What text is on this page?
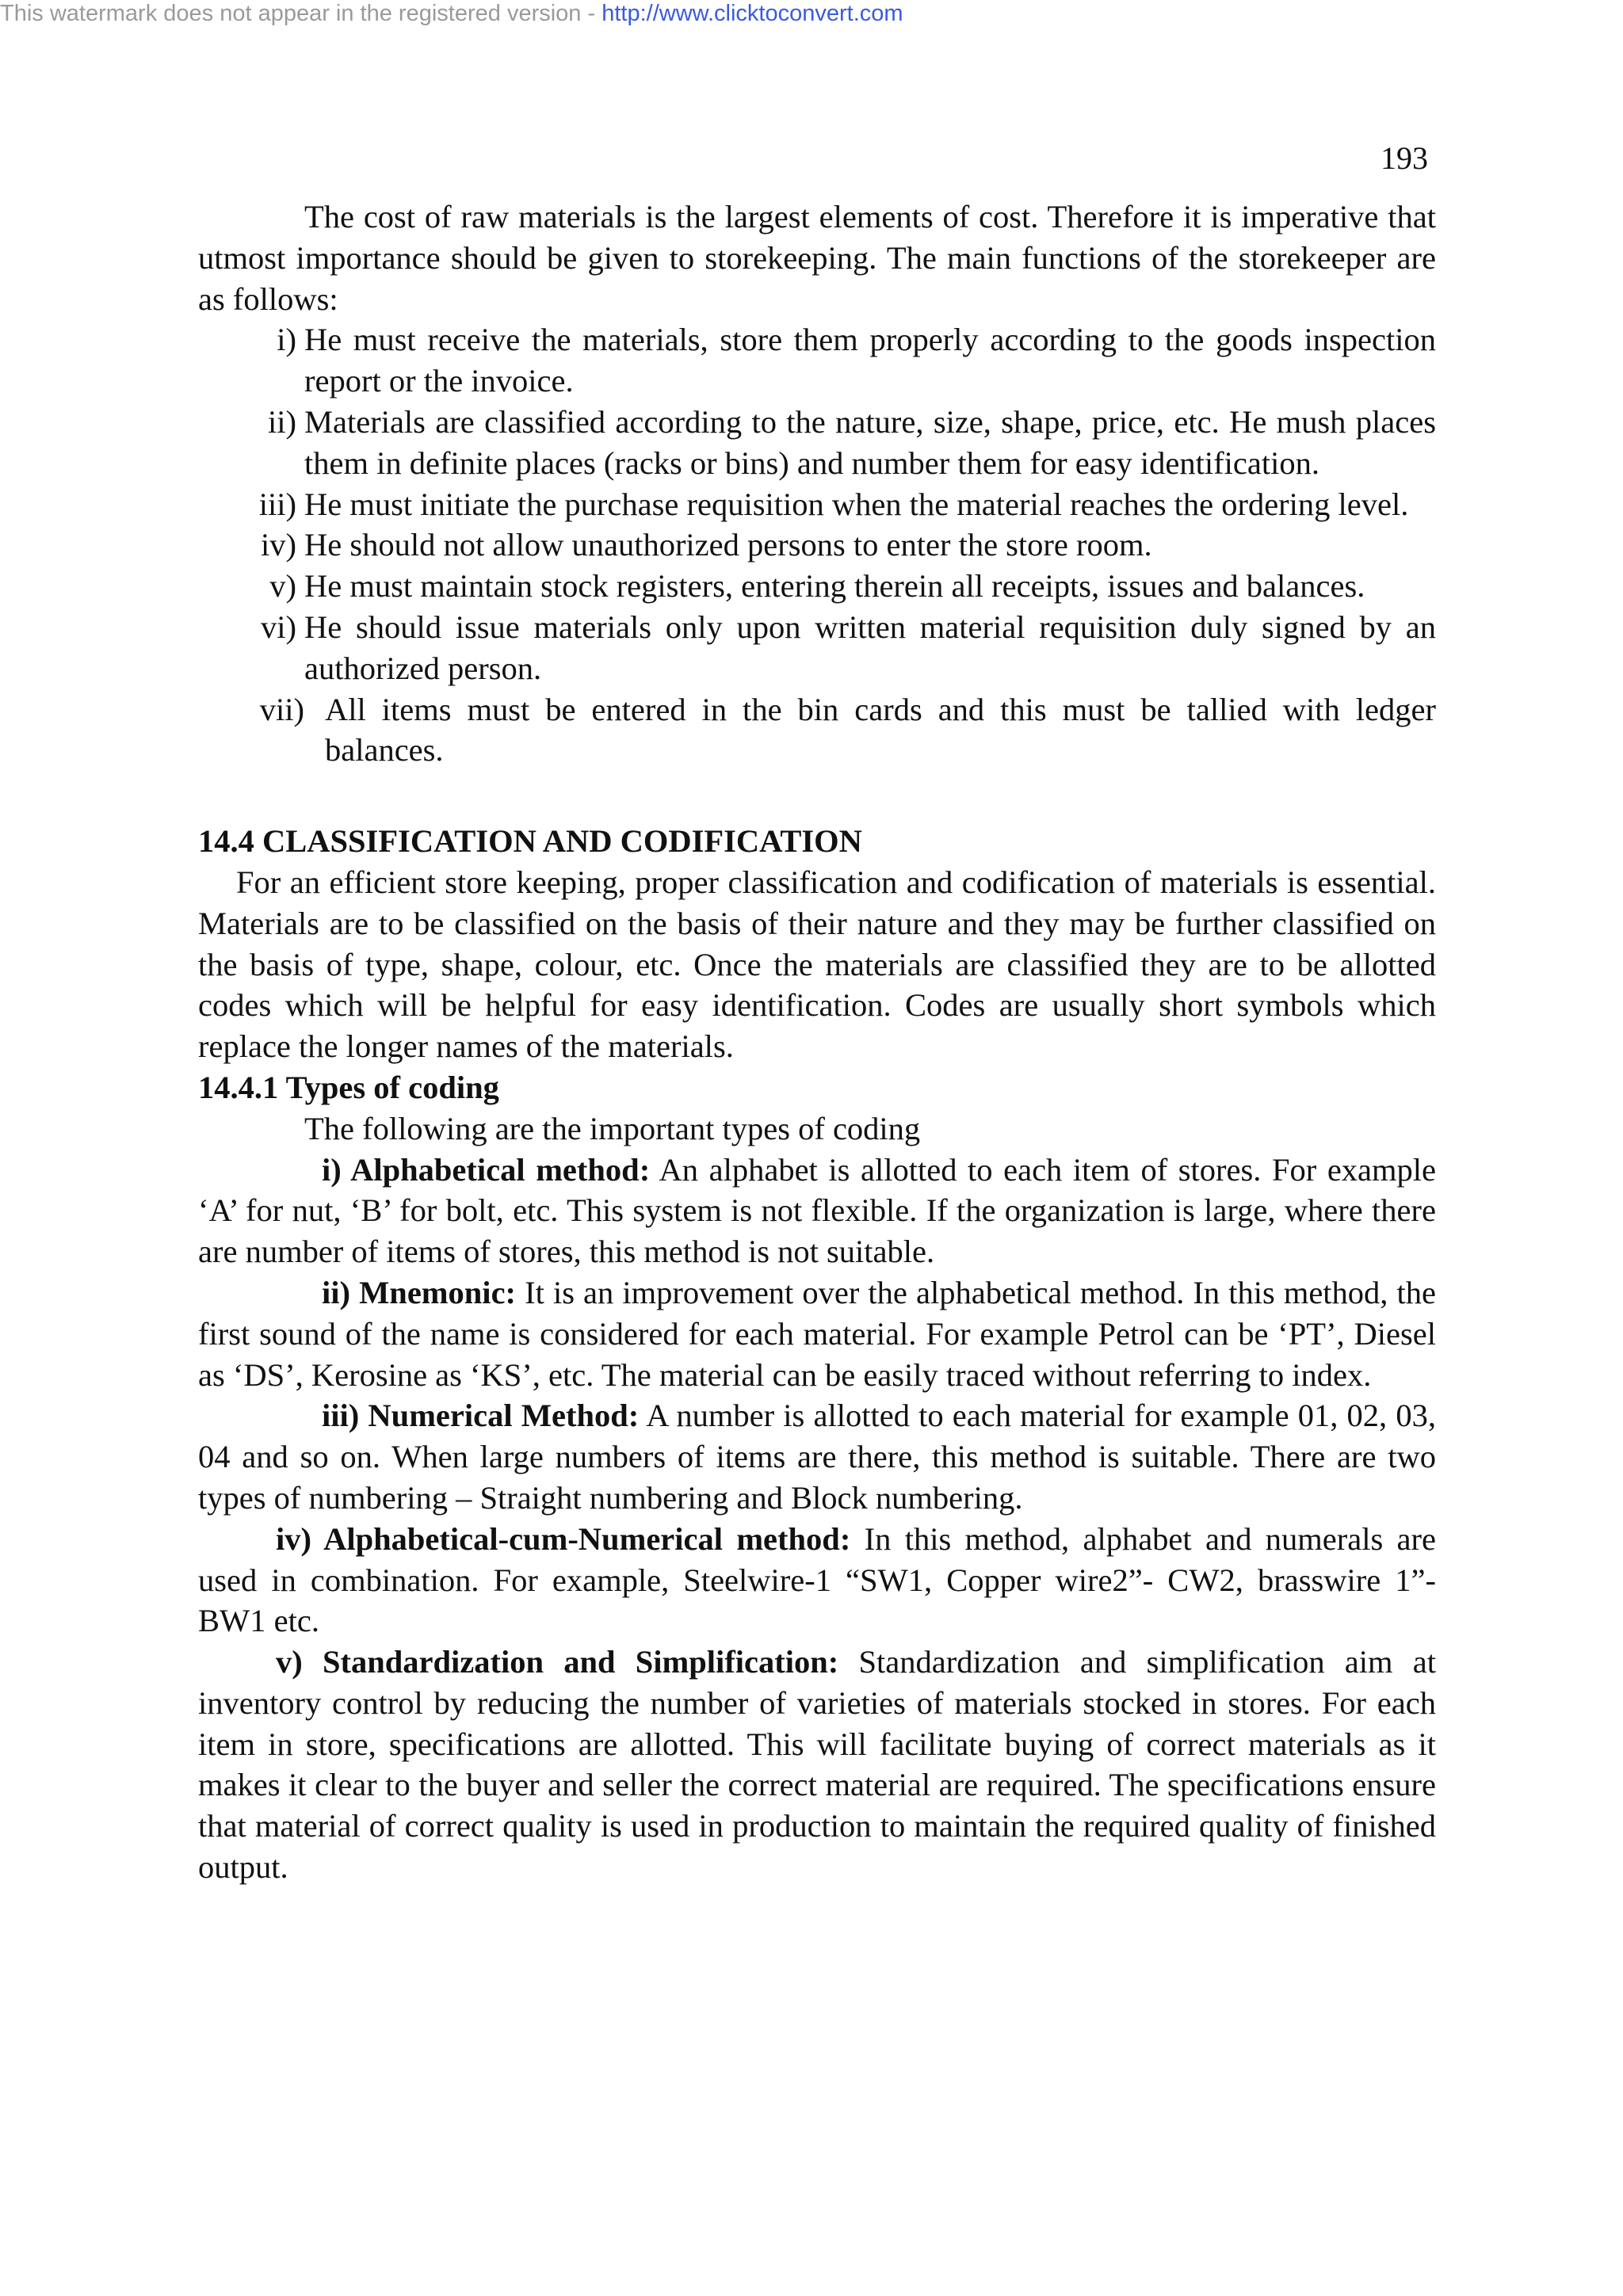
This watermark does not appear in the registered version - http://www.clicktoconvert.com
193

The cost of raw materials is the largest elements of cost. Therefore it is imperative that utmost importance should be given to storekeeping. The main functions of the storekeeper are as follows:

i) He must receive the materials, store them properly according to the goods inspection report or the invoice.
ii) Materials are classified according to the nature, size, shape, price, etc. He mush places them in definite places (racks or bins) and number them for easy identification.
iii) He must initiate the purchase requisition when the material reaches the ordering level.
iv) He should not allow unauthorized persons to enter the store room.
v) He must maintain stock registers, entering therein all receipts, issues and balances.
vi) He should issue materials only upon written material requisition duly signed by an authorized person.
vii) All items must be entered in the bin cards and this must be tallied with ledger balances.
14.4 CLASSIFICATION AND CODIFICATION

For an efficient store keeping, proper classification and codification of materials is essential. Materials are to be classified on the basis of their nature and they may be further classified on the basis of type, shape, colour, etc. Once the materials are classified they are to be allotted codes which will be helpful for easy identification. Codes are usually short symbols which replace the longer names of the materials.

14.4.1 Types of coding

The following are the important types of coding

i) Alphabetical method: An alphabet is allotted to each item of stores. For example ‘A’ for nut, ‘B’ for bolt, etc. This system is not flexible. If the organization is large, where there are number of items of stores, this method is not suitable.

ii) Mnemonic: It is an improvement over the alphabetical method. In this method, the first sound of the name is considered for each material. For example Petrol can be ‘PT’, Diesel as ‘DS’, Kerosine as ‘KS’, etc. The material can be easily traced without referring to index.

iii) Numerical Method: A number is allotted to each material for example 01, 02, 03, 04 and so on. When large numbers of items are there, this method is suitable. There are two types of numbering – Straight numbering and Block numbering.

iv) Alphabetical-cum-Numerical method: In this method, alphabet and numerals are used in combination. For example, Steelwire-1 “SW1, Copper wire2”- CW2, brasswire 1”- BW1 etc.

v) Standardization and Simplification: Standardization and simplification aim at inventory control by reducing the number of varieties of materials stocked in stores. For each item in store, specifications are allotted. This will facilitate buying of correct materials as it makes it clear to the buyer and seller the correct material are required. The specifications ensure that material of correct quality is used in production to maintain the required quality of finished output.
